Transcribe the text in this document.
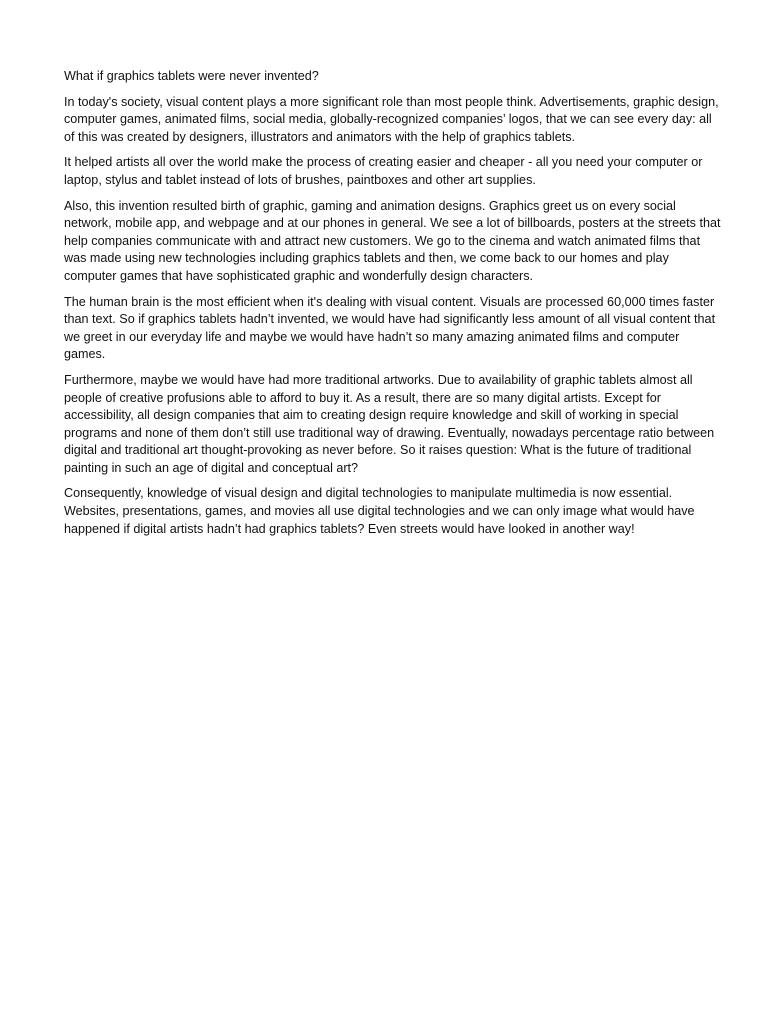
What if graphics tablets were never invented?

In today's society, visual content plays a more significant role than most people think. Advertisements, graphic design, computer games, animated films, social media, globally-recognized companies’ logos, that we can see every day: all of this was created by designers, illustrators and animators with the help of graphics tablets.

It helped artists all over the world make the process of creating easier and cheaper - all you need your computer or laptop, stylus and tablet instead of lots of brushes, paintboxes and other art supplies.

Also, this invention resulted birth of graphic, gaming and animation designs. Graphics greet us on every social network, mobile app, and webpage and at our phones in general. We see a lot of billboards, posters at the streets that help companies communicate with and attract new customers. We go to the cinema and watch animated films that was made using new technologies including graphics tablets and then, we come back to our homes and play computer games that have sophisticated graphic and wonderfully design characters.

The human brain is the most efficient when it's dealing with visual content. Visuals are processed 60,000 times faster than text. So if graphics tablets hadn’t invented, we would have had significantly less amount of all visual content that we greet in our everyday life and maybe we would have hadn’t so many amazing animated films and computer games.

Furthermore, maybe we would have had more traditional artworks. Due to availability of graphic tablets almost all people of creative profusions able to afford to buy it. As a result, there are so many digital artists. Except for accessibility, all design companies that aim to creating design require knowledge and skill of working in special programs and none of them don’t still use traditional way of drawing. Eventually, nowadays percentage ratio between digital and traditional art thought-provoking as never before. So it raises question: What is the future of traditional painting in such an age of digital and conceptual art?

Consequently, knowledge of visual design and digital technologies to manipulate multimedia is now essential. Websites, presentations, games, and movies all use digital technologies and we can only image what would have happened if digital artists hadn’t had graphics tablets? Even streets would have looked in another way!
